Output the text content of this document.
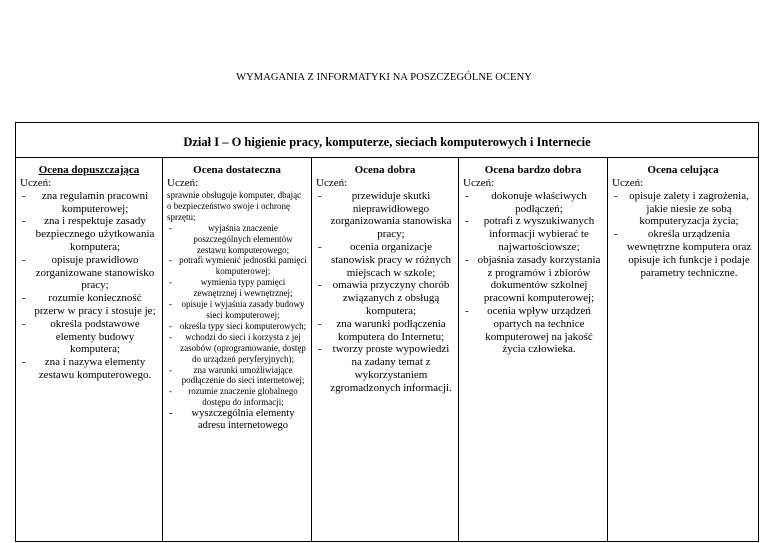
WYMAGANIA Z INFORMATYKI NA POSZCZEGÓLNE OCENY
Dział I – O higienie pracy, komputerze, sieciach komputerowych i Internecie
Ocena dopuszczająca
Uczeń:
- zna regulamin pracowni komputerowej;
- zna i respektuje zasady bezpiecznego użytkowania komputera;
- opisuje prawidłowo zorganizowane stanowisko pracy;
- rozumie konieczność przerw w pracy i stosuje je;
- określa podstawowe elementy budowy komputera;
- zna i nazywa elementy zestawu komputerowego.
Ocena dostateczna
Uczeń:
sprawnie obsługuje komputer, dbając o bezpieczeństwo swoje i ochronę sprzętu;
- wyjaśnia znaczenie poszczególnych elementów zestawu komputerowego;
- potrafi wymienić jednostki pamięci komputerowej;
- wymienia typy pamięci zewnętrznej i wewnętrznej;
- opisuje i wyjaśnia zasady budowy sieci komputerowej;
- określa typy sieci komputerowych;
- wchodzi do sieci i korzysta z jej zasobów (oprogramowanie, dostęp do urządzeń peryferyjnych);
- zna warunki umożliwiające podłączenie do sieci internetowej;
- rozumie znaczenie globalnego dostępu do informacji;
- wyszczególnia elementy adresu internetowego
Ocena dobra
Uczeń:
- przewiduje skutki nieprawidłowego zorganizowania stanowiska pracy;
- ocenia organizacje stanowisk pracy w różnych miejscach w szkole;
- omawia przyczyny chorób związanych z obsługą komputera;
- zna warunki podłączenia komputera do Internetu;
- tworzy proste wypowiedzi na zadany temat z wykorzystaniem zgromadzonych informacji.
Ocena bardzo dobra
Uczeń:
- dokonuje właściwych podłączeń;
- potrafi z wyszukiwanych informacji wybierać te najwartościowsze;
- objaśnia zasady korzystania z programów i zbiorów dokumentów szkolnej pracowni komputerowej;
- ocenia wpływ urządzeń opartych na technice komputerowej na jakość życia człowieka.
Ocena celująca
Uczeń:
- opisuje zalety i zagrożenia, jakie niesie ze sobą komputeryzacja życia;
- określa urządzenia wewnętrzne komputera oraz opisuje ich funkcje i podaje parametry techniczne.
